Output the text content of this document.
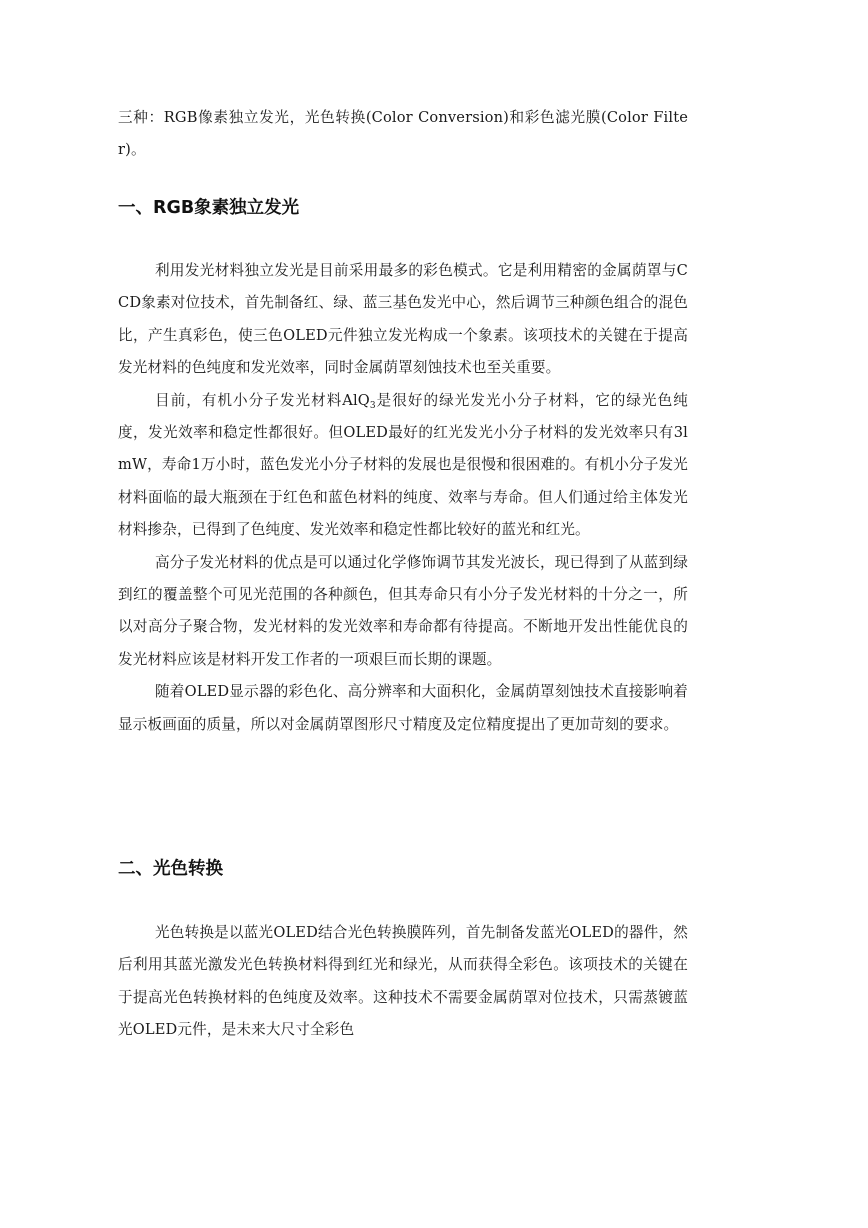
三种：RGB像素独立发光，光色转换(Color Conversion)和彩色滤光膜(Color Filter)。

一、RGB象素独立发光

利用发光材料独立发光是目前采用最多的彩色模式。它是利用精密的金属荫罩与CCD象素对位技术，首先制备红、绿、蓝三基色发光中心，然后调节三种颜色组合的混色比，产生真彩色，使三色OLED元件独立发光构成一个象素。该项技术的关键在于提高发光材料的色纯度和发光效率，同时金属荫罩刻蚀技术也至关重要。

目前，有机小分子发光材料AlQ$_3$是很好的绿光发光小分子材料，它的绿光色纯度，发光效率和稳定性都很好。但OLED最好的红光发光小分子材料的发光效率只有3lmW，寿命1万小时，蓝色发光小分子材料的发展也是很慢和很困难的。有机小分子发光材料面临的最大瓶颈在于红色和蓝色材料的纯度、效率与寿命。但人们通过给主体发光材料掺杂，已得到了色纯度、发光效率和稳定性都比较好的蓝光和红光。

高分子发光材料的优点是可以通过化学修饰调节其发光波长，现已得到了从蓝到绿到红的覆盖整个可见光范围的各种颜色，但其寿命只有小分子发光材料的十分之一，所以对高分子聚合物，发光材料的发光效率和寿命都有待提高。不断地开发出性能优良的发光材料应该是材料开发工作者的一项艰巨而长期的课题。

随着OLED显示器的彩色化、高分辨率和大面积化，金属荫罩刻蚀技术直接影响着显示板画面的质量，所以对金属荫罩图形尺寸精度及定位精度提出了更加苛刻的要求。

二、光色转换

光色转换是以蓝光OLED结合光色转换膜阵列，首先制备发蓝光OLED的器件，然后利用其蓝光激发光色转换材料得到红光和绿光，从而获得全彩色。该项技术的关键在于提高光色转换材料的色纯度及效率。这种技术不需要金属荫罩对位技术，只需蒸镀蓝光OLED元件，是未来大尺寸全彩色
